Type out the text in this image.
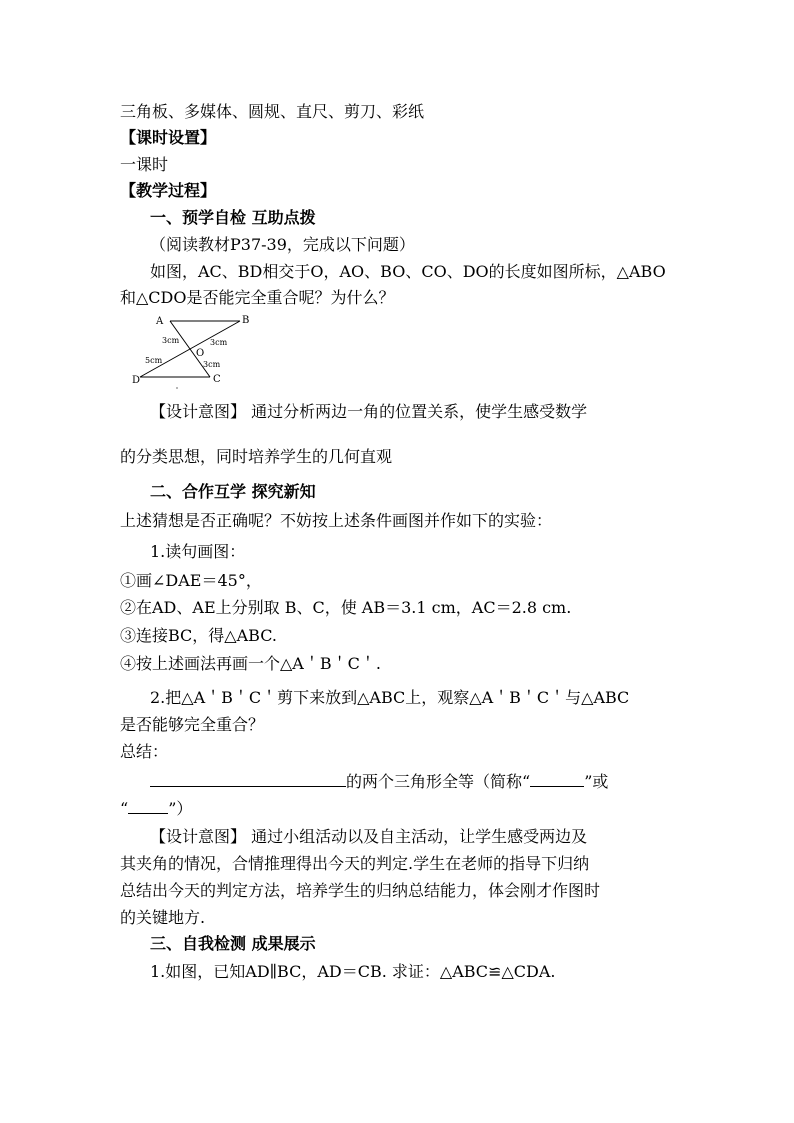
三角板、多媒体、圆规、直尺、剪刀、彩纸
【课时设置】
一课时
【教学过程】
一、预学自检 互助点拨
（阅读教材P37-39，完成以下问题）
如图，AC、BD相交于O，AO、BO、CO、DO的长度如图所标，△ABO
和△CDO是否能完全重合呢？为什么？
A	B
C
D
O
3cm	3cm
5cm	3cm
【设计意图】 通过分析两边一角的位置关系，使学生感受数学
的分类思想，同时培养学生的几何直观
二、合作互学 探究新知
上述猜想是否正确呢？不妨按上述条件画图并作如下的实验：
1.读句画图：
①画∠DAE＝45°，
②在AD、AE上分别取 B、C，使 AB＝3.1 cm，AC＝2.8 cm.
③连接BC，得△ABC.
④按上述画法再画一个△A＇B＇C＇.
2.把△A＇B＇C＇剪下来放到△ABC上，观察△A＇B＇C＇与△ABC
是否能够完全重合？
总结：
的两个三角形全等（简称“	”或
“	”）
【设计意图】 通过小组活动以及自主活动，让学生感受两边及
其夹角的情况，合情推理得出今天的判定.学生在老师的指导下归纳
总结出今天的判定方法，培养学生的归纳总结能力，体会刚才作图时
的关键地方.
三、自我检测 成果展示
1.如图，已知AD∥BC，AD＝CB. 求证：△ABC≌△CDA.
